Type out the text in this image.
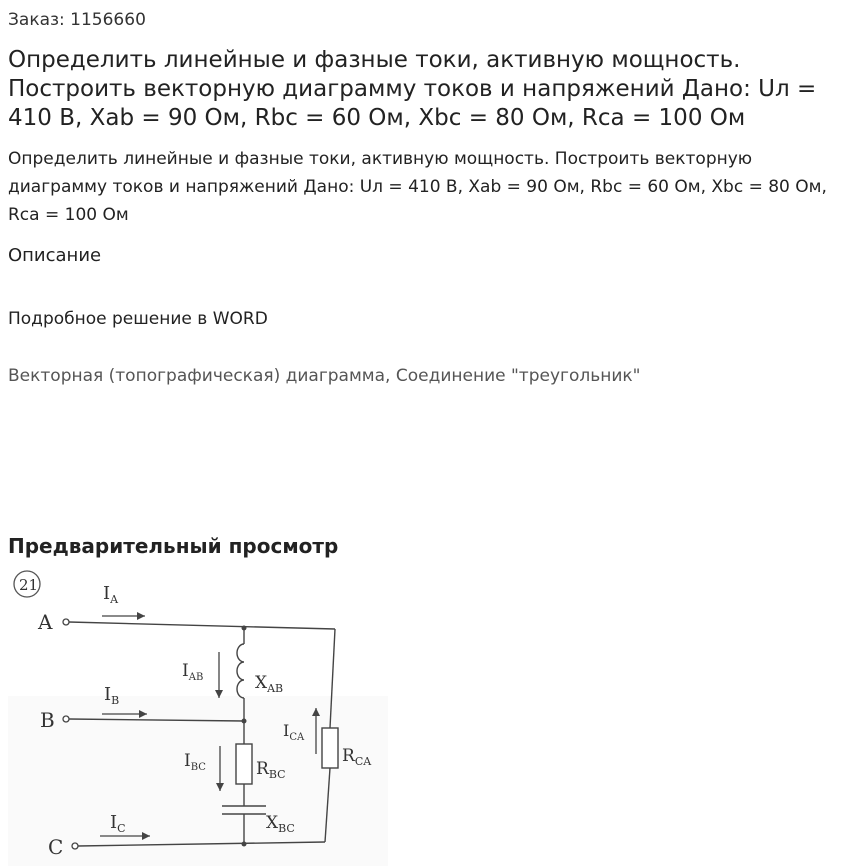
Заказ: 1156660
Определить линейные и фазные токи, активную мощность. Построить векторную диаграмму токов и напряжений Дано: Uл = 410 В, Xab = 90 Ом, Rbc = 60 Ом, Xbc = 80 Ом, Rca = 100 Ом
Определить линейные и фазные токи, активную мощность. Построить векторную диаграмму токов и напряжений Дано: Uл = 410 В, Xab = 90 Ом, Rbc = 60 Ом, Xbc = 80 Ом, Rca = 100 Ом
Описание
Подробное решение в WORD
Векторная (топографическая) диаграмма, Соединение "треугольник"
Предварительный просмотр
21
A
$I_A$
B
$I_B$
C
$I_C$
$X_{AB}$
$I_{AB}$
$R_{BC}$
$X_{BC}$
$I_{BC}$
$R_{CA}$
$I_{CA}$
